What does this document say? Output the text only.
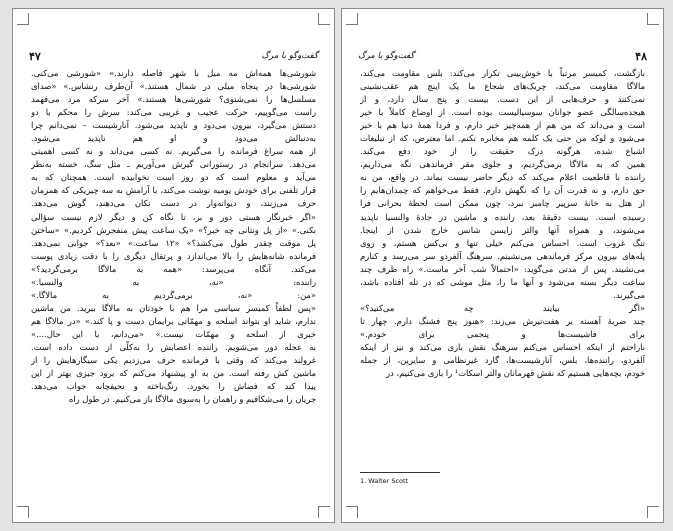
گفت‌وگو با مرگ
۴۷
شورشی‌ها همه‌اش مه میل با شهر فاصله دارند.» «شورشی می‌کنی.
شورشی‌ها در پنجاه میلی در شمال هستند.» آن‌طرف رنشاس.» «صدای
مسلسل‌ها را نمی‌شنوی؟ شورشی‌ها هستند.» آخر سرکه مرد می‌فهمد
راست می‌گوییم، حرکت عجیب و غریبی می‌کند: سرش را محکم با دو
دستش می‌گیرد، بیرون می‌دود و ناپدید می‌شود. آنارشیست – نمی‌دانم چرا
به‌دنبالش می‌دود و او هم ناپدید می‌شود.
از همه سراغ فرمانده را می‌گیریم. نه کسی می‌داند و نه کسی اهمیتی
می‌دهد. سرانجام در رستورانی گیرش می‌آوریم ـ مثل سگ، خسته به‌نظر
می‌آید و معلوم است که دو روز است نخوابیده است. همچنان که به
قرار تلفنی برای خودش یومیه نوشت می‌کند، با آرامش به سه چیزیکی که همزمان
حرف می‌زنند، و دیوانه‌وار در دست تکان می‌دهند، گوش می‌دهد.
«اگر خبرنگار هستی دور و بر، تا نگاه کن و دیگر لازم نیست سؤالی
بکنی.» «از پل ونتانی چه خبر؟» «یک ساعت پیش منفجرش کردیم.» «ساختن
پل موقت چقدر طول می‌کشد؟» «۱۲ ساعت.» «بعد؟» جوابی نمی‌دهد.
فرمانده شانه‌هایش را بالا می‌اندازد و پرتقال دیگری را با دقت زیادی پوست
می‌کند. آنگاه می‌پرسد: «همه به مالاگا برمی‌گردید؟»
راننده: «نه، به والنسیا.»
«من: «نه، برمی‌گردیم به مالاگا.»
«پس لطفاً کمیسر سیاسی مرا هم با خودتان به مالاگا ببرید. من ماشین
ندارم، شاید او بتواند اسلحه و مهمّاتی برایمان دست و پا کند.» «در مالاگا هم
خبری از اسلحه و مهمّات نیست.» «می‌دانم، با این حال....»
به عجله دور می‌شویم. راننده اعصابش را به‌کلّی از دست داده است.
غرولند می‌کند که وقتی با فرمانده حرف می‌زدیم یکی سیگارهایش را از
ماشین کش رفته است. من به او پیشنهاد می‌کنم که برود جیزی بهتر از این
پیدا کند که فضاش را بخورد. رنگ‌باخته و نحیفچانه جواب می‌دهد.
جریان را می‌شکافیم و راهمان را به‌سوی مالاگا باز می‌کنیم. در طول راه
۴۸
گفت‌وگو با مرگ
بازگشت، کمیسر مرتباً با خوش‌بینی تکرار می‌کند: بلس مقاومت می‌کند،
مالاگا مقاومت می‌کند، چریک‌های شجاع ما یک اینچ هم عقب‌نشینی
نمی‌کنند و حرف‌هایی از این دست. بیست و پنج سال دارد، و از
هیجده‌سالگی عضو جوانان سوسیالیست بوده است. از اوضاع کاملاً با خبر
است و می‌داند که من هم از همه‌چیز خبر دارم، و فردا همهٔ دنیا هم با خبر
می‌شود و لوکه من حتی یک کلمه هم مخابره نکنم. اما معترض، که از تبلیغات
اشباع شده، هرگونه درک حقیقت را از خود دفع می‌کند.
همین که به مالاگا برمی‌گردیم، و جلوی مقر فرماندهی نگه می‌داریم،
راننده با قاطعیت اعلام می‌کند که دیگر حاضر نیست بماند. در واقع، من نه
حق دارم، و نه قدرت آن را که نگهش دارم. فقط می‌خواهم که چمدان‌هایم را
از هتل به خانهٔ سرپیر چامبز ببرد، چون ممکن است لحظهٔ بحرانی فرا
رسیده است. بیست دقیقهٔ بعد، راننده و ماشین در جادهٔ والنسیا ناپدید
می‌شوند، و همراه آنها والتر زایسن شانس خارج شدن از اینجا.
تنگ غروب است. احساس می‌کنم خیلی تنها و بی‌کس هستم، و روی
پله‌های بیرون مرکز فرماندهی می‌نشینم. سرهنگ آلفردو سر می‌رسد و کنارم
می‌نشیند. پس از مدتی می‌گوید: «احتمالاً شب آخر ماست.» راه ظرف چند
ساعت دیگر بسته می‌شود و آنها ما را، مثل موشی که در تله افتاده باشد،
می‌گیرند.
«اگر بیایند چه می‌کنید؟»
چند ضربهٔ آهسته بر هفت‌تیرش می‌زند: «هنوز پنج فشنگ دارم. چهار تا
برای فاشیست‌ها و پنجمی برای خودم.»
ناراحتم از اینکه احساس می‌کنم سرهنگ نقش بازی می‌کند و نیز از اینکه
آلفردو، راننده‌ها، بلس، آنارشیست‌ها، گارد غیرنظامی و سایرین، از جمله
خودم، بچه‌هایی هستیم که نقش قهرمانان والتر اسکات¹ را بازی می‌کنیم، در
1. Walter Scott
